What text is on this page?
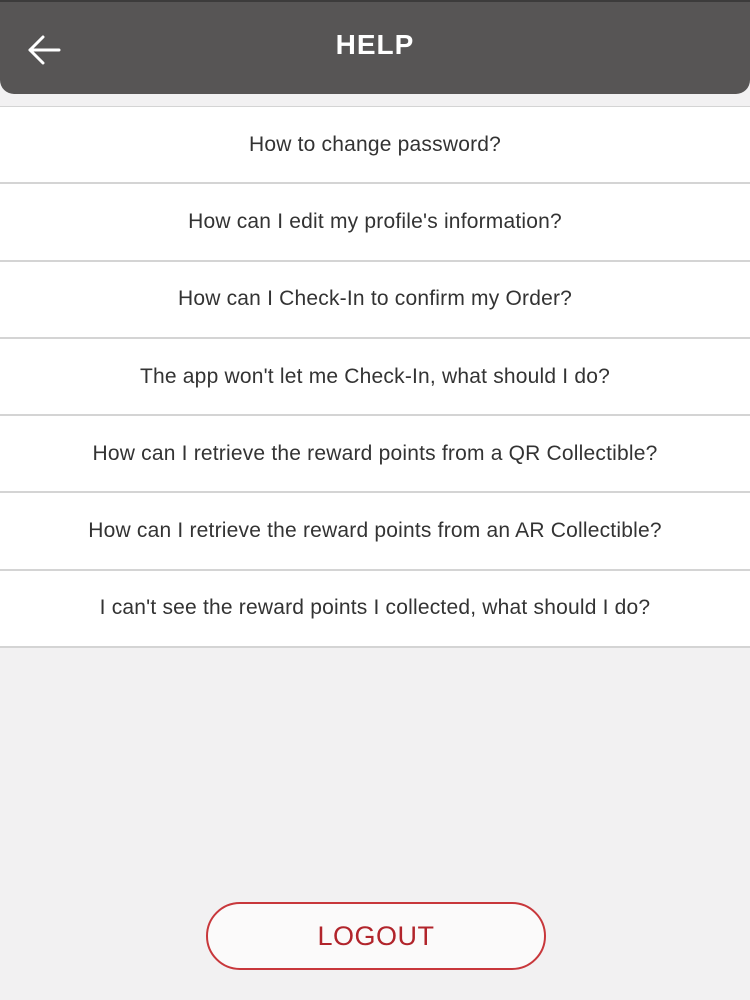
HELP
How to change password?
How can I edit my profile's information?
How can I Check-In to confirm my Order?
The app won't let me Check-In, what should I do?
How can I retrieve the reward points from a QR Collectible?
How can I retrieve the reward points from an AR Collectible?
I can't see the reward points I collected, what should I do?
LOGOUT
